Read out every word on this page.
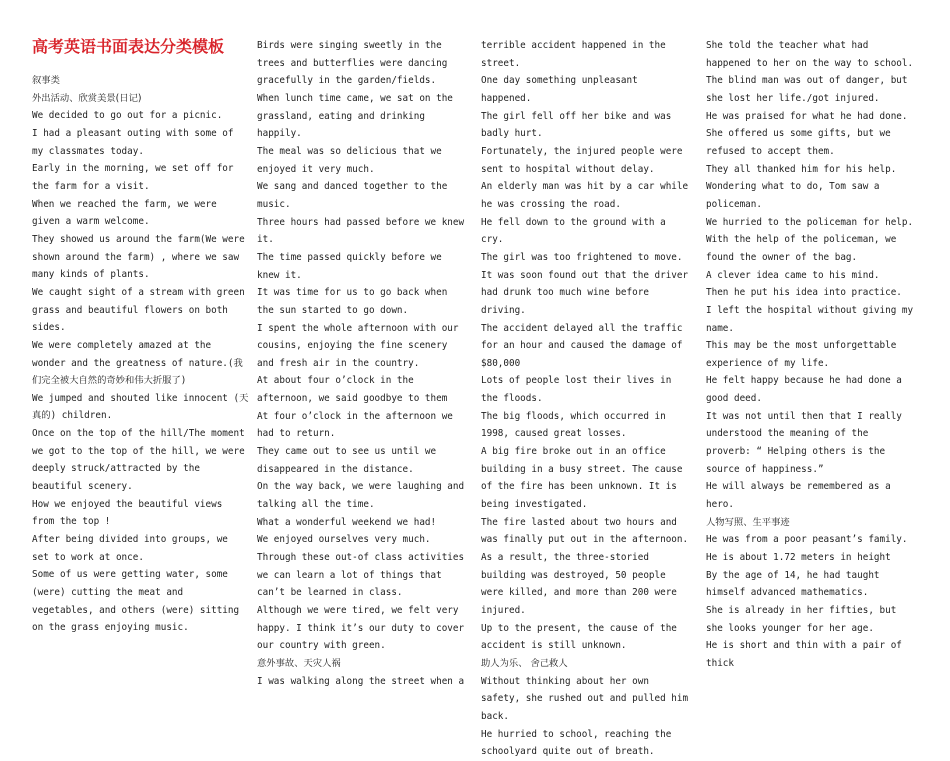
高考英语书面表达分类模板
叙事类
外出活动、欣赏美景(日记)
We decided to go out for a picnic.
I had a pleasant outing with some of my classmates today.
Early in the morning, we set off for the farm for a visit.
When we reached the farm, we were given a warm welcome.
They showed us around the farm(We were shown around the farm) , where we saw many kinds of plants.
We caught sight of a stream with green grass and beautiful flowers on both sides.
We were completely amazed at the wonder and the greatness of nature.(我们完全被大自然的奇妙和伟大折服了)
We jumped and shouted like innocent (天真的) children.
Once on the top of the hill/The moment we got to the top of the hill, we were deeply struck/attracted by the beautiful scenery.
How we enjoyed the beautiful views from the top !
After being divided into groups, we set to work at once.
Some of us were getting water, some (were) cutting the meat and vegetables, and others (were) sitting on the grass enjoying music.
Birds were singing sweetly in the trees and butterflies were dancing gracefully in the garden/fields.
When lunch time came, we sat on the grassland, eating and drinking happily.
The meal was so delicious that we enjoyed it very much.
We sang and danced together to the music.
Three hours had passed before we knew it.
The time passed quickly before we knew it.
It was time for us to go back when the sun started to go down.
I spent the whole afternoon with our cousins, enjoying the fine scenery and fresh air in the country.
At about four o’clock in the afternoon, we said goodbye to them
At four o’clock in the afternoon we had to return.
They came out to see us until we disappeared in the distance.
On the way back, we were laughing and talking all the time.
What a wonderful weekend we had!
We enjoyed ourselves very much.
Through these out-of class activities we can learn a lot of things that can’t be learned in class.
Although we were tired, we felt very happy. I think it’s our duty to cover our country with green.
意外事故、天灾人祸
I was walking along the street when a
terrible accident happened in the street.
One day something unpleasant happened.
The girl fell off her bike and was badly hurt.
Fortunately, the injured people were sent to hospital without delay.
An elderly man was hit by a car while he was crossing the road.
He fell down to the ground with a cry.
The girl was too frightened to move.
It was soon found out that the driver had drunk too much wine before driving.
The accident delayed all the traffic for an hour and caused the damage of $80,000
Lots of people lost their lives in the floods.
The big floods, which occurred in 1998, caused great losses.
A big fire broke out in an office building in a busy street. The cause of the fire has been unknown. It is being investigated.
The fire lasted about two hours and was finally put out in the afternoon.
As a result, the three-storied building was destroyed, 50 people were killed, and more than 200 were injured.
Up to the present, the cause of the accident is still unknown.
助人为乐、 舍己救人
Without thinking about her own safety, she rushed out and pulled him back.
He hurried to school, reaching the schoolyard quite out of breath.
She told the teacher what had happened to her on the way to school.
The blind man was out of danger, but she lost her life./got injured.
He was praised for what he had done.
She offered us some gifts, but we refused to accept them.
They all thanked him for his help.
Wondering what to do, Tom saw a policeman.
We hurried to the policeman for help.
With the help of the policeman, we found the owner of the bag.
A clever idea came to his mind.
Then he put his idea into practice.
I left the hospital without giving my name.
This may be the most unforgettable experience of my life.
He felt happy because he had done a good deed.
It was not until then that I really understood the meaning of the proverb: “ Helping others is the source of happiness.”
He will always be remembered as a hero.
人物写照、生平事迹
He was from a poor peasant’s family.
He is about 1.72 meters in height
By the age of 14, he had taught himself advanced mathematics.
She is already in her fifties, but she looks younger for her age.
He is short and thin with a pair of thick
